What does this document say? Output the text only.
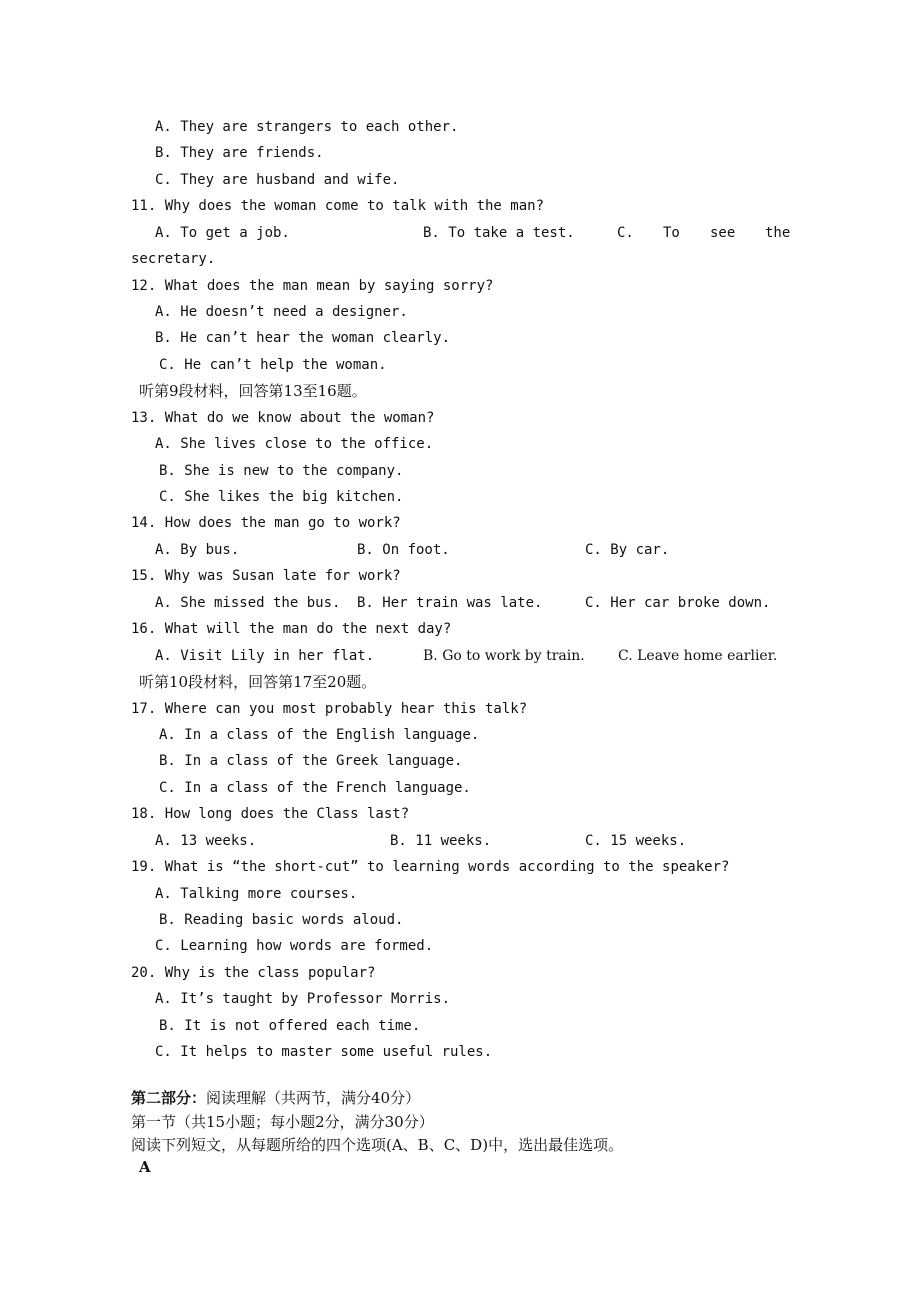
A. They are strangers to each other.
B. They are friends.
C. They are husband and wife.
11. Why does the woman come to talk with the man?
A. To get a job.	B. To take a test.	C. To see the
secretary.
12. What does the man mean by saying sorry?
A. He doesn’t need a designer.
B. He can’t hear the woman clearly.
C. He can’t help the woman.
听第9段材料，回答第13至16题。
13. What do we know about the woman?
A. She lives close to the office.
B. She is new to the company.
C. She likes the big kitchen.
14. How does the man go to work?
A. By bus.	B. On foot.	C. By car.
15. Why was Susan late for work?
A. She missed the bus. B. Her train was late.	C. Her car broke down.
16. What will the man do the next day?
A. Visit Lily in her flat.	B. Go to work by train. C. Leave home earlier.
听第10段材料，回答第17至20题。
17. Where can you most probably hear this talk?
A. In a class of the English language.
B. In a class of the Greek language.
C. In a class of the French language.
18. How long does the Class last?
A. 13 weeks.	B. 11 weeks.	C. 15 weeks.
19. What is “the short-cut” to learning words according to the speaker?
A. Talking more courses.
B. Reading basic words aloud.
C. Learning how words are formed.
20. Why is the class popular?
A. It’s taught by Professor Morris.
B. It is not offered each time.
C. It helps to master some useful rules.
第二部分：阅读理解（共两节，满分40分）
第一节（共15小题；每小题2分，满分30分）
阅读下列短文，从每题所给的四个选项(A、B、C、D)中，选出最佳选项。
A
